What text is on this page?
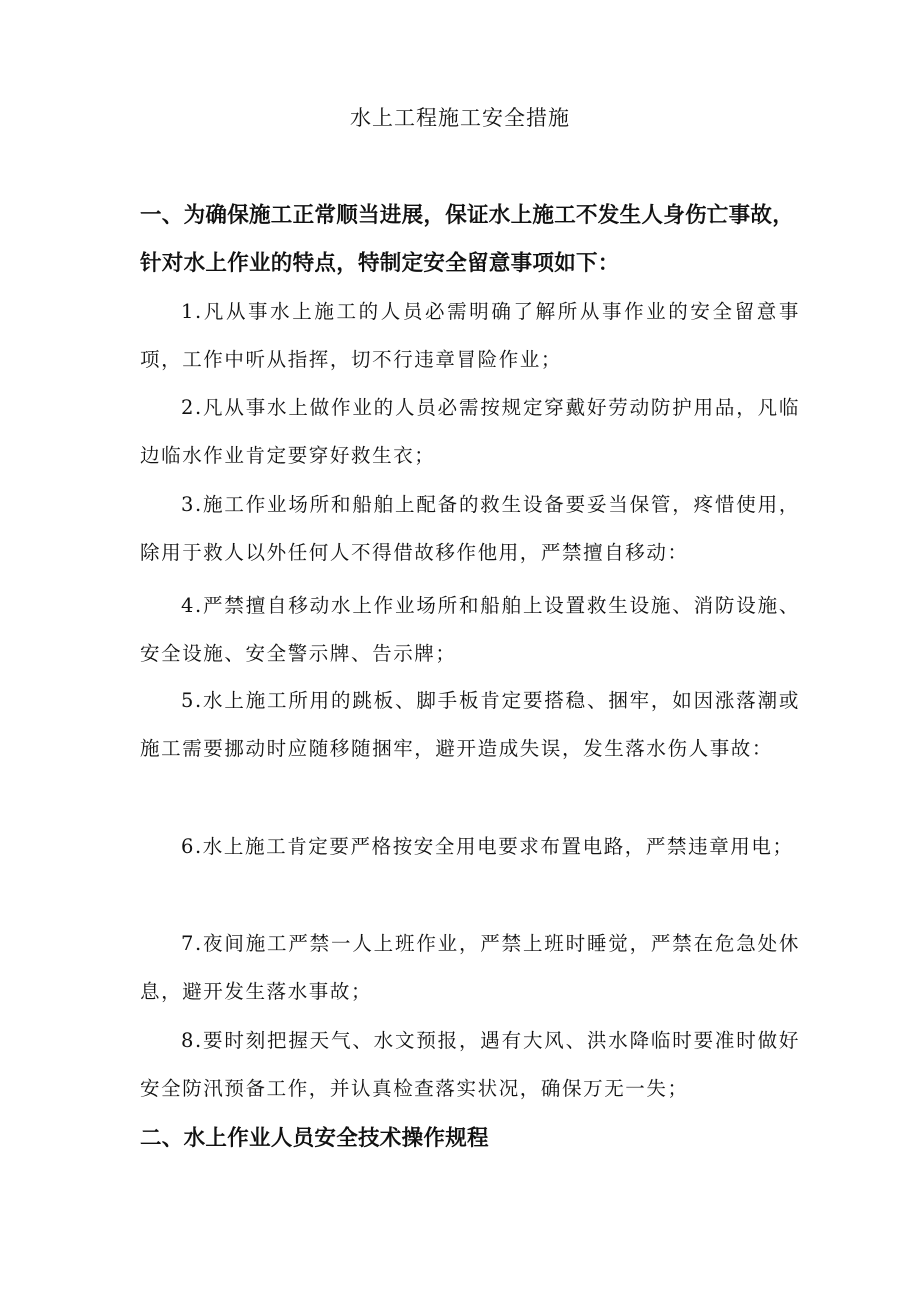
水上工程施工安全措施

一、为确保施工正常顺当进展，保证水上施工不发生人身伤亡事故，针对水上作业的特点，特制定安全留意事项如下：

1.凡从事水上施工的人员必需明确了解所从事作业的安全留意事项，工作中听从指挥，切不行违章冒险作业；

2.凡从事水上做作业的人员必需按规定穿戴好劳动防护用品，凡临边临水作业肯定要穿好救生衣；

3.施工作业场所和船舶上配备的救生设备要妥当保管，疼惜使用，除用于救人以外任何人不得借故移作他用，严禁擅自移动：

4.严禁擅自移动水上作业场所和船舶上设置救生设施、消防设施、安全设施、安全警示牌、告示牌；

5.水上施工所用的跳板、脚手板肯定要搭稳、捆牢，如因涨落潮或施工需要挪动时应随移随捆牢，避开造成失误，发生落水伤人事故：

6.水上施工肯定要严格按安全用电要求布置电路，严禁违章用电；

7.夜间施工严禁一人上班作业，严禁上班时睡觉，严禁在危急处休息，避开发生落水事故；

8.要时刻把握天气、水文预报，遇有大风、洪水降临时要准时做好安全防汛预备工作，并认真检查落实状况，确保万无一失；

二、水上作业人员安全技术操作规程
